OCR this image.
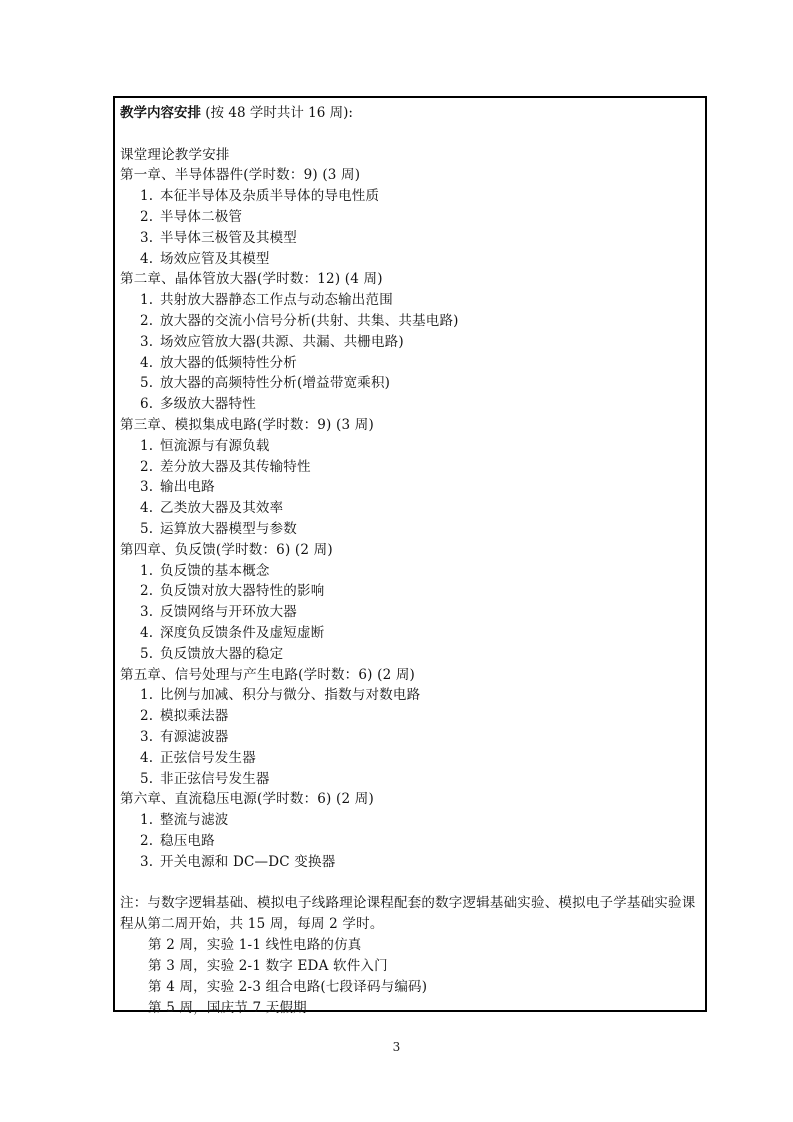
教学内容安排 (按 48 学时共计 16 周):
课堂理论教学安排
第一章、半导体器件(学时数：9) (3 周)
1. 本征半导体及杂质半导体的导电性质
2. 半导体二极管
3. 半导体三极管及其模型
4. 场效应管及其模型
第二章、晶体管放大器(学时数：12) (4 周)
1. 共射放大器静态工作点与动态输出范围
2. 放大器的交流小信号分析(共射、共集、共基电路)
3. 场效应管放大器(共源、共漏、共栅电路)
4. 放大器的低频特性分析
5. 放大器的高频特性分析(增益带宽乘积)
6. 多级放大器特性
第三章、模拟集成电路(学时数：9) (3 周)
1. 恒流源与有源负载
2. 差分放大器及其传输特性
3. 输出电路
4. 乙类放大器及其效率
5. 运算放大器模型与参数
第四章、负反馈(学时数：6) (2 周)
1. 负反馈的基本概念
2. 负反馈对放大器特性的影响
3. 反馈网络与开环放大器
4. 深度负反馈条件及虚短虚断
5. 负反馈放大器的稳定
第五章、信号处理与产生电路(学时数：6) (2 周)
1. 比例与加减、积分与微分、指数与对数电路
2. 模拟乘法器
3. 有源滤波器
4. 正弦信号发生器
5. 非正弦信号发生器
第六章、直流稳压电源(学时数：6) (2 周)
1. 整流与滤波
2. 稳压电路
3. 开关电源和 DC—DC 变换器

注：与数字逻辑基础、模拟电子线路理论课程配套的数字逻辑基础实验、模拟电子学基础实验课程从第二周开始，共 15 周，每周 2 学时。

第 2 周，实验 1-1 线性电路的仿真
第 3 周，实验 2-1 数字 EDA 软件入门
第 4 周，实验 2-3 组合电路(七段译码与编码)
第 5 周，国庆节 7 天假期
3
